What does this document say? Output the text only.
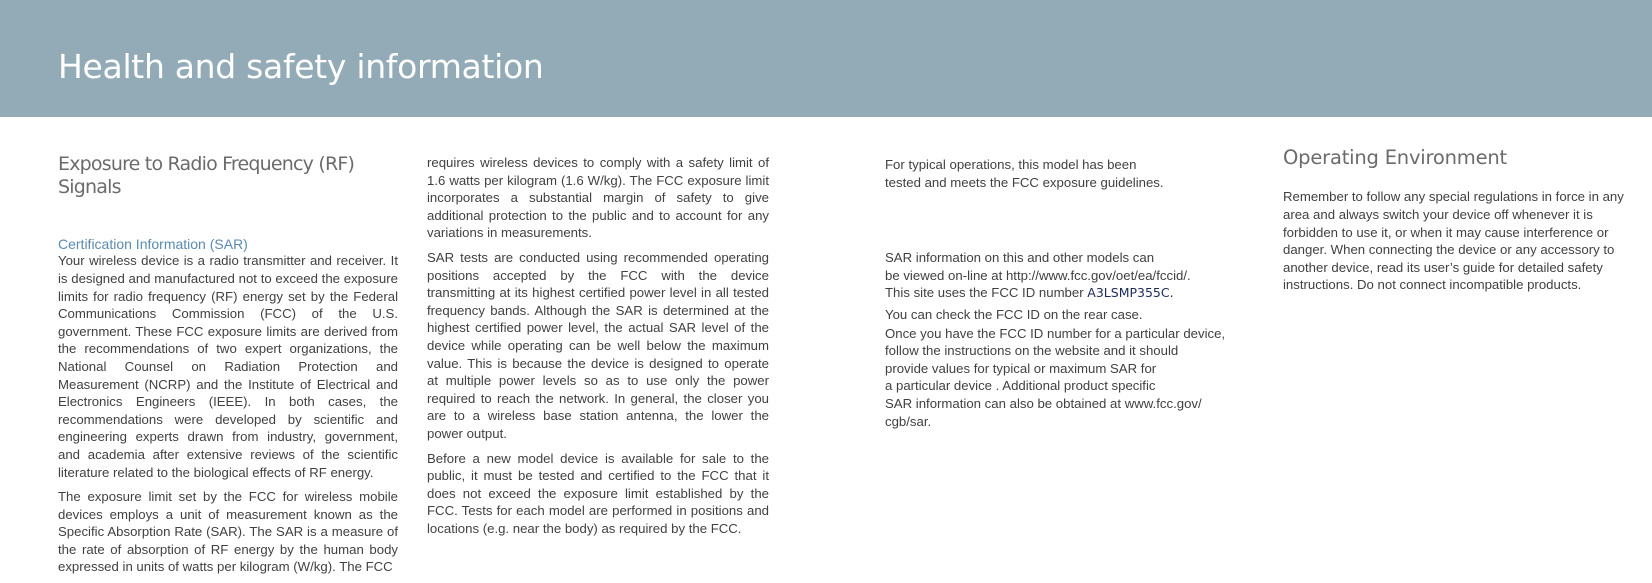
Health and safety information
Exposure to Radio Frequency (RF) Signals
Certification Information (SAR)

Your wireless device is a radio transmitter and receiver. It is designed and manufactured not to exceed the exposure limits for radio frequency (RF) energy set by the Federal Communications Commission (FCC) of the U.S. government. These FCC exposure limits are derived from the recommendations of two expert organizations, the National Counsel on Radiation Protection and Measurement (NCRP) and the Institute of Electrical and Electronics Engineers (IEEE). In both cases, the recommendations were developed by scientific and engineering experts drawn from industry, government, and academia after extensive reviews of the scientific literature related to the biological effects of RF energy.

The exposure limit set by the FCC for wireless mobile devices employs a unit of measurement known as the Specific Absorption Rate (SAR). The SAR is a measure of the rate of absorption of RF energy by the human body expressed in units of watts per kilogram (W/kg). The FCC

requires wireless devices to comply with a safety limit of 1.6 watts per kilogram (1.6 W/kg). The FCC exposure limit incorporates a substantial margin of safety to give additional protection to the public and to account for any variations in measurements.

SAR tests are conducted using recommended operating positions accepted by the FCC with the device transmitting at its highest certified power level in all tested frequency bands. Although the SAR is determined at the highest certified power level, the actual SAR level of the device while operating can be well below the maximum value. This is because the device is designed to operate at multiple power levels so as to use only the power required to reach the network. In general, the closer you are to a wireless base station antenna, the lower the power output.

Before a new model device is available for sale to the public, it must be tested and certified to the FCC that it does not exceed the exposure limit established by the FCC. Tests for each model are performed in positions and locations (e.g. near the body) as required by the FCC.

For typical operations, this model has been
tested and meets the FCC exposure guidelines.

SAR information on this and other models can
be viewed on-line at http://www.fcc.gov/oet/ea/fccid/.
This site uses the FCC ID number A3LSMP355C.

You can check the FCC ID on the rear case.

Once you have the FCC ID number for a particular device,
follow the instructions on the website and it should
provide values for typical or maximum SAR for
a particular device . Additional product specific
SAR information can also be obtained at www.fcc.gov/
cgb/sar.

Operating Environment

Remember to follow any special regulations in force in any area and always switch your device off whenever it is forbidden to use it, or when it may cause interference or danger. When connecting the device or any accessory to another device, read its user’s guide for detailed safety instructions. Do not connect incompatible products.
